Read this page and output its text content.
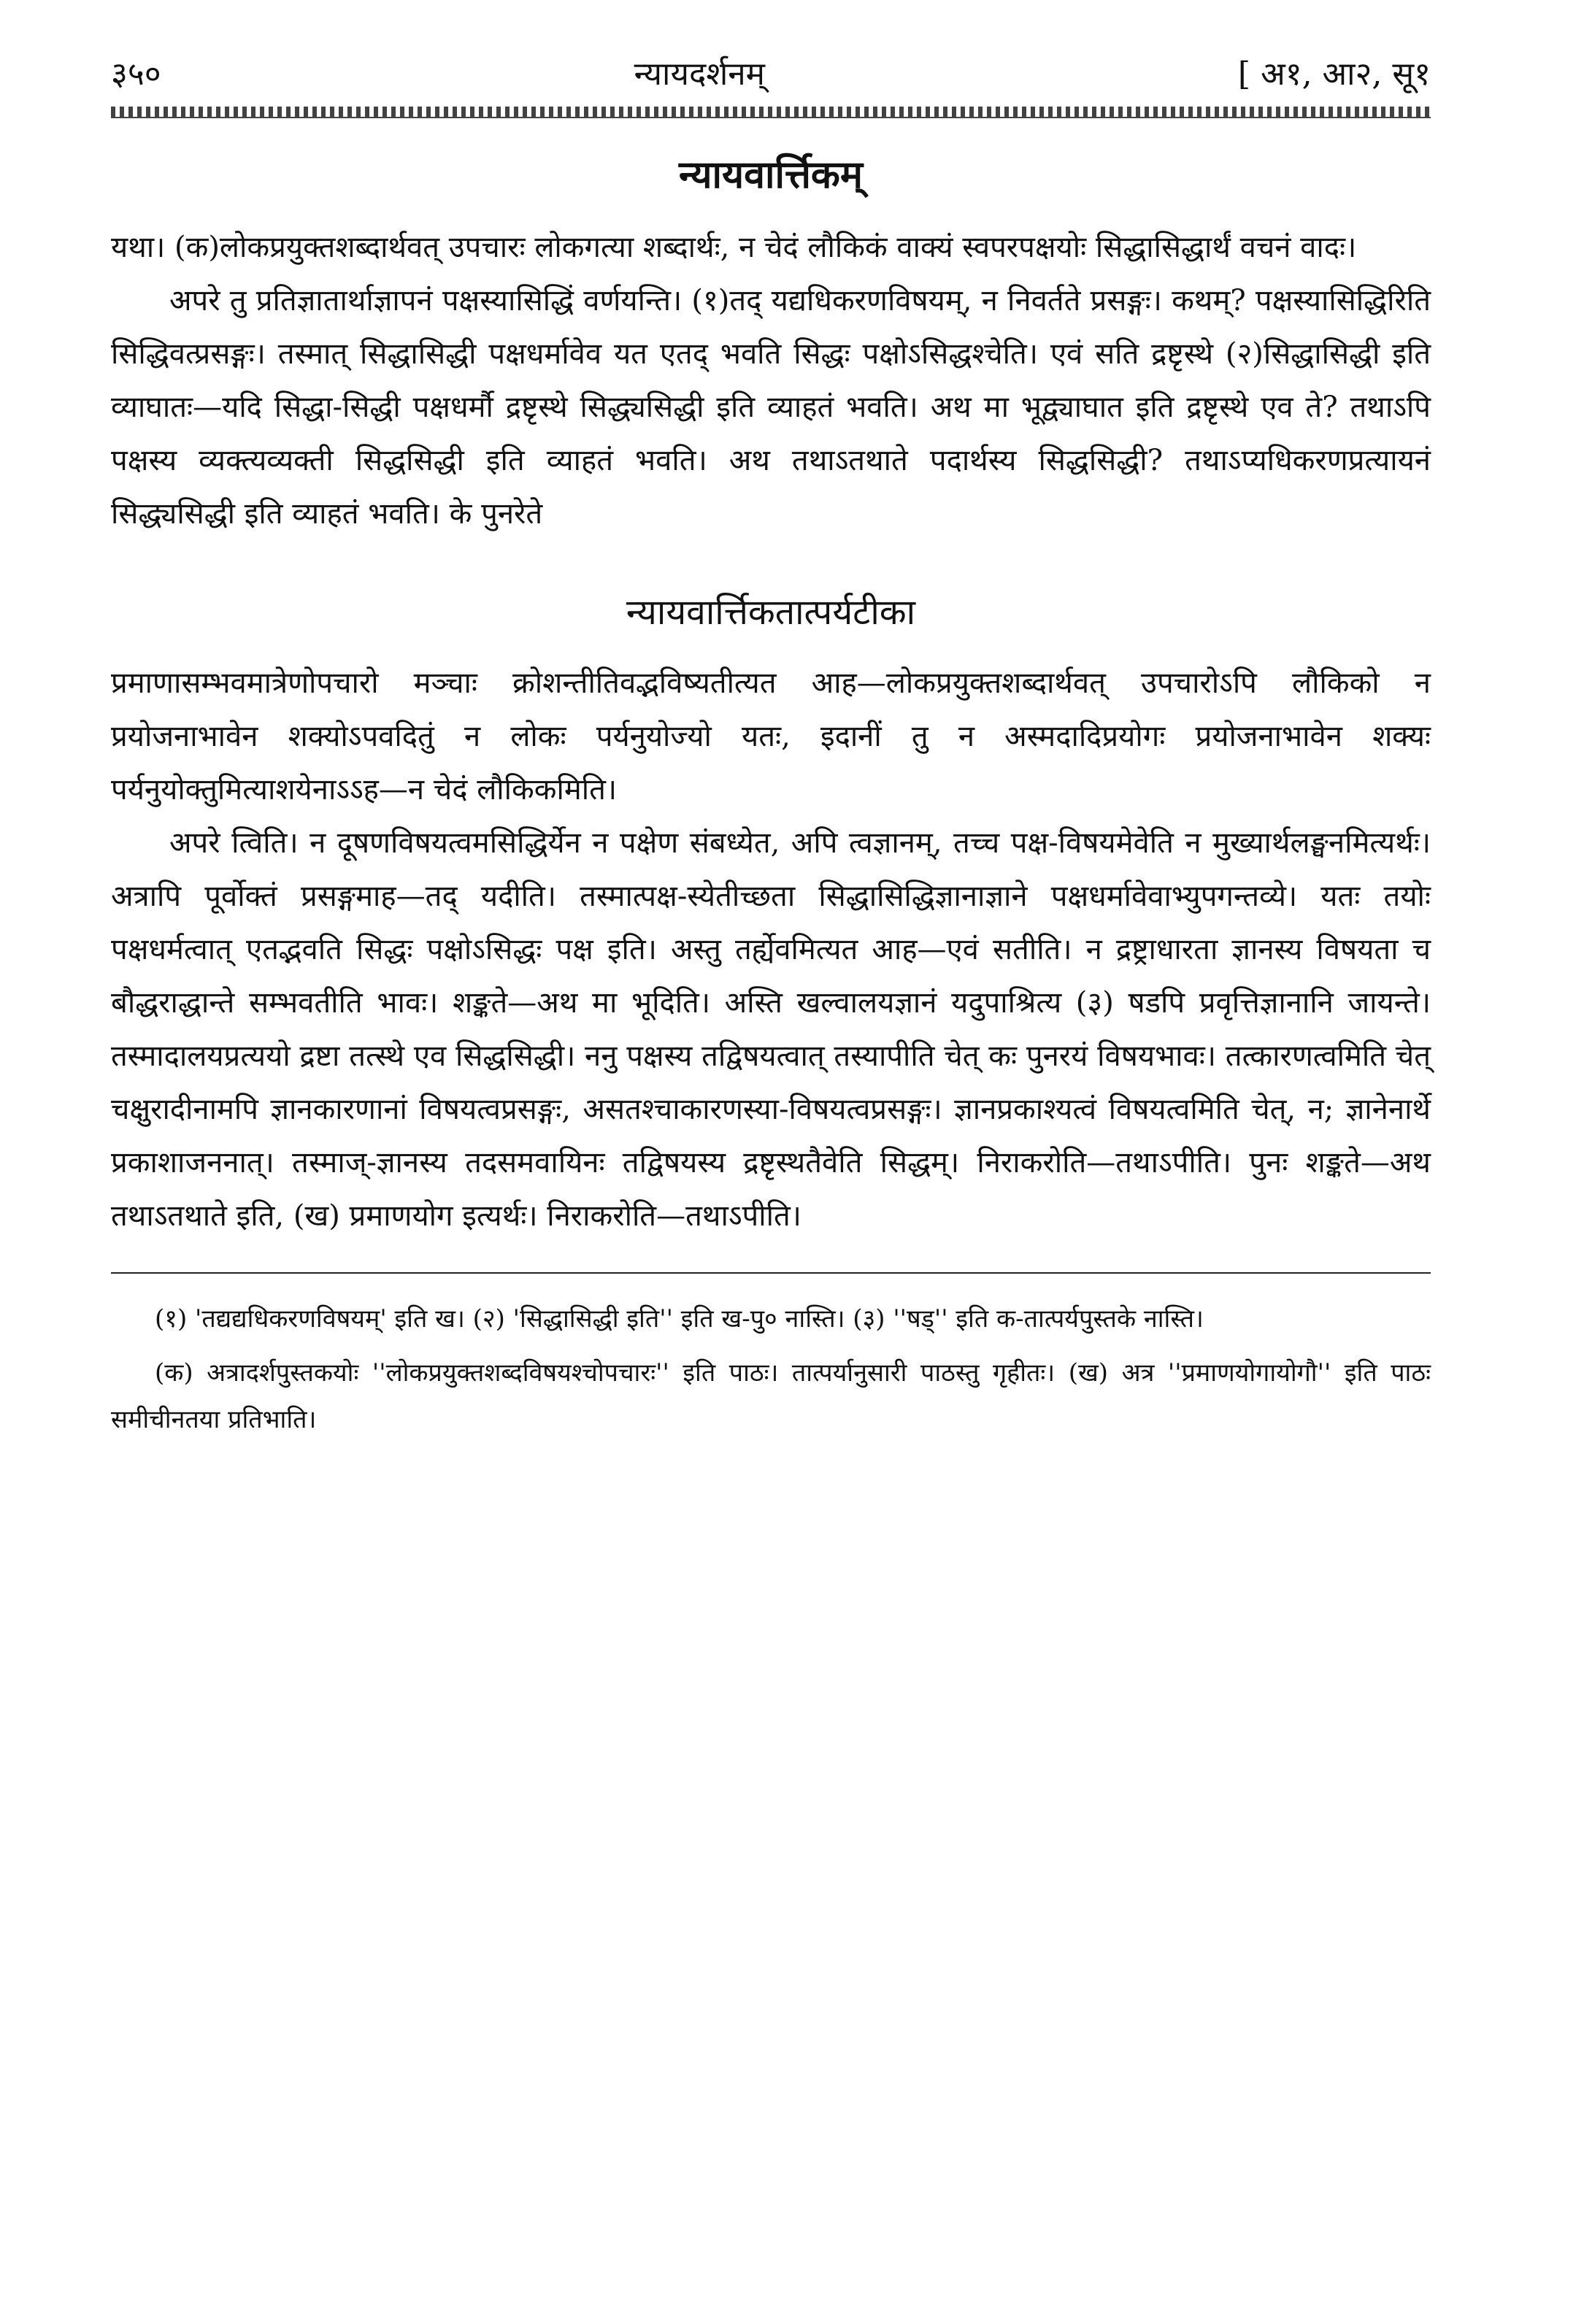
३५०	न्यायदर्शनम्	[ अ१, आ२, सू१
न्यायवार्त्तिकम्

यथा। (क)लोकप्रयुक्तशब्दार्थवत् उपचारः लोकगत्या शब्दार्थः, न चेदं लौकिकं वाक्यं स्वपरपक्षयोः सिद्धासिद्धार्थं वचनं वादः।

अपरे तु प्रतिज्ञातार्थाज्ञापनं पक्षस्यासिद्धिं वर्णयन्ति। (१)तद् यद्यधिकरणविषयम्, न निवर्तते प्रसङ्गः। कथम्? पक्षस्यासिद्धिरिति सिद्धिवत्प्रसङ्गः। तस्मात् सिद्धासिद्धी पक्षधर्मावेव यत एतद् भवति सिद्धः पक्षोऽसिद्धश्चेति। एवं सति द्रष्टृस्थे (२)सिद्धासिद्धी इति व्याघातः—यदि सिद्धा-सिद्धी पक्षधर्मौ द्रष्टृस्थे सिद्ध्यसिद्धी इति व्याहतं भवति। अथ मा भूद्व्याघात इति द्रष्टृस्थे एव ते? तथाऽपि पक्षस्य व्यक्त्यव्यक्ती सिद्धसिद्धी इति व्याहतं भवति। अथ तथाऽतथाते पदार्थस्य सिद्धसिद्धी? तथाऽप्यधिकरणप्रत्यायनं सिद्ध्यसिद्धी इति व्याहतं भवति। के पुनरेते

न्यायवार्त्तिकतात्पर्यटीका

प्रमाणासम्भवमात्रेणोपचारो मञ्चाः क्रोशन्तीतिवद्भविष्यतीत्यत आह—लोकप्रयुक्तशब्दार्थवत् उपचारोऽपि लौकिको न प्रयोजनाभावेन शक्योऽपवदितुं न लोकः पर्यनुयोज्यो यतः, इदानीं तु न अस्मदादिप्रयोगः प्रयोजनाभावेन शक्यः पर्यनुयोक्तुमित्याशयेनाऽऽह—न चेदं लौकिकमिति।

अपरे त्विति। न दूषणविषयत्वमसिद्धिर्येन न पक्षेण संबध्येत, अपि त्वज्ञानम्, तच्च पक्ष-विषयमेवेति न मुख्यार्थलङ्घनमित्यर्थः। अत्रापि पूर्वोक्तं प्रसङ्गमाह—तद् यदीति। तस्मात्पक्ष-स्येतीच्छता सिद्धासिद्धिज्ञानाज्ञाने पक्षधर्मावेवाभ्युपगन्तव्ये। यतः तयोः पक्षधर्मत्वात् एतद्भवति सिद्धः पक्षोऽसिद्धः पक्ष इति। अस्तु तर्ह्येवमित्यत आह—एवं सतीति। न द्रष्ट्राधारता ज्ञानस्य विषयता च बौद्धराद्धान्ते सम्भवतीति भावः। शङ्कते—अथ मा भूदिति। अस्ति खल्वालयज्ञानं यदुपाश्रित्य (३) षडपि प्रवृत्तिज्ञानानि जायन्ते। तस्मादालयप्रत्ययो द्रष्टा तत्स्थे एव सिद्धसिद्धी। ननु पक्षस्य तद्विषयत्वात् तस्यापीति चेत् कः पुनरयं विषयभावः। तत्कारणत्वमिति चेत् चक्षुरादीनामपि ज्ञानकारणानां विषयत्वप्रसङ्गः, असतश्चाकारणस्या-विषयत्वप्रसङ्गः। ज्ञानप्रकाश्यत्वं विषयत्वमिति चेत्, न; ज्ञानेनार्थे प्रकाशाजननात्। तस्माज्-ज्ञानस्य तदसमवायिनः तद्विषयस्य द्रष्टृस्थतैवेति सिद्धम्। निराकरोति—तथाऽपीति। पुनः शङ्कते—अथ तथाऽतथाते इति, (ख) प्रमाणयोग इत्यर्थः। निराकरोति—तथाऽपीति।

(१) 'तद्यद्यधिकरणविषयम्' इति ख। (२) 'सिद्धासिद्धी इति'' इति ख-पु० नास्ति। (३) ''षड्'' इति क-तात्पर्यपुस्तके नास्ति।

(क) अत्रादर्शपुस्तकयोः ''लोकप्रयुक्तशब्दविषयश्चोपचारः'' इति पाठः। तात्पर्यानुसारी पाठस्तु गृहीतः। (ख) अत्र ''प्रमाणयोगायोगौ'' इति पाठः समीचीनतया प्रतिभाति।
